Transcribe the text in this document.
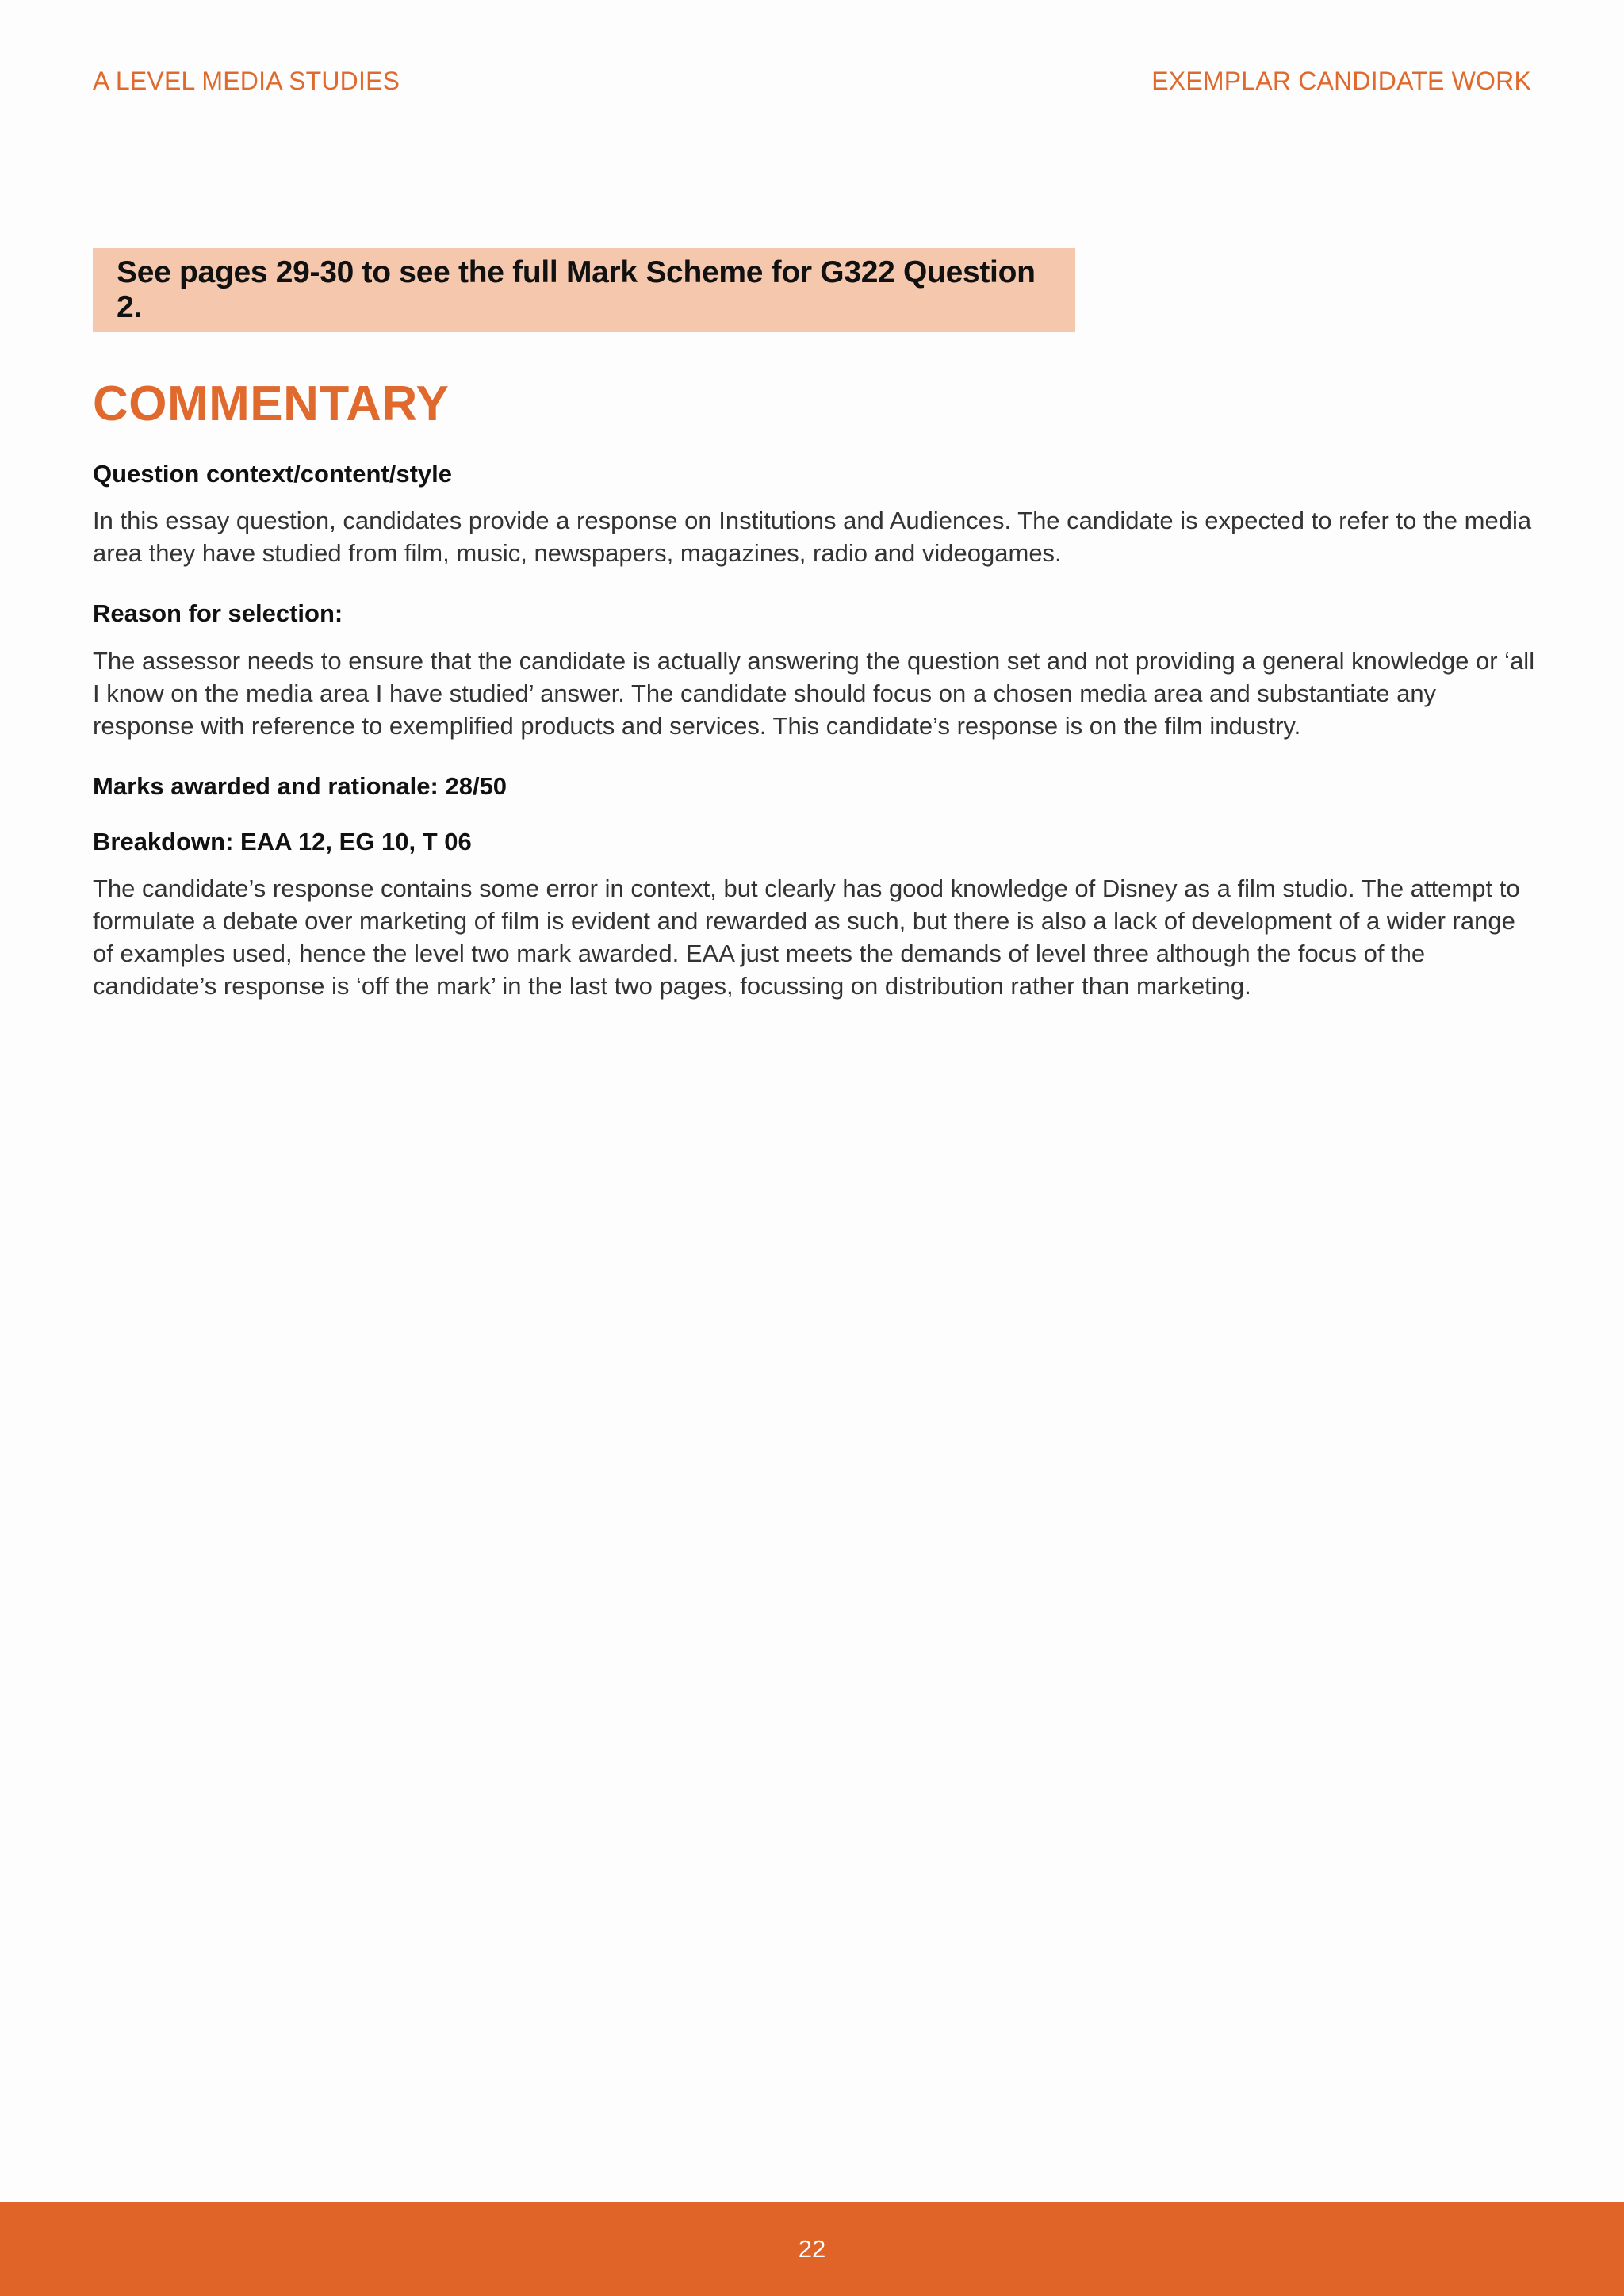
A LEVEL MEDIA STUDIES	EXEMPLAR CANDIDATE WORK
See pages 29-30 to see the full Mark Scheme for G322 Question 2.
COMMENTARY

Question context/content/style

In this essay question, candidates provide a response on Institutions and Audiences. The candidate is expected to refer to the media area they have studied from film, music, newspapers, magazines, radio and videogames.

Reason for selection:

The assessor needs to ensure that the candidate is actually answering the question set and not providing a general knowledge or ‘all I know on the media area I have studied’ answer. The candidate should focus on a chosen media area and substantiate any response with reference to exemplified products and services. This candidate’s response is on the film industry.

Marks awarded and rationale: 28/50

Breakdown: EAA 12, EG 10, T 06

The candidate’s response contains some error in context, but clearly has good knowledge of Disney as a film studio. The attempt to formulate a debate over marketing of film is evident and rewarded as such, but there is also a lack of development of a wider range of examples used, hence the level two mark awarded. EAA just meets the demands of level three although the focus of the candidate’s response is ‘off the mark’ in the last two pages, focussing on distribution rather than marketing.

22
